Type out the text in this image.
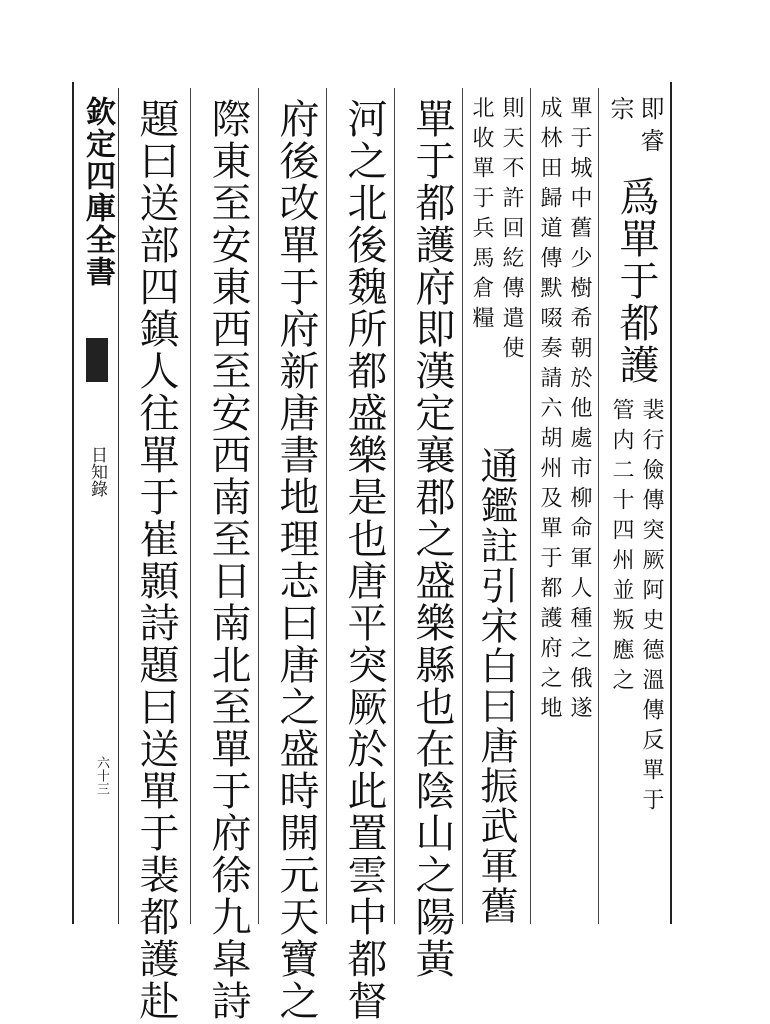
欽定四庫全書
日知錄
六十三
即睿
宗
爲單于都護
裴行儉傳突厥阿史德溫傳反單于
管内二十四州並叛應之
單于城中舊少樹希朝於他處市柳命軍人種之俄遂
成林田歸道傳默啜奏請六胡州及單于都護府之地
則天不許回紇傳遣使
北收單于兵馬倉糧
通鑑註引宋白曰唐振武軍舊
單于都護府即漢定襄郡之盛樂縣也在陰山之陽黃
河之北後魏所都盛樂是也唐平突厥於此置雲中都督
府後改單于府新唐書地理志曰唐之盛時開元天寶之
際東至安東西至安西南至日南北至單于府徐九皐詩
題曰送部四鎮人往單于崔顥詩題曰送單于裴都護赴
